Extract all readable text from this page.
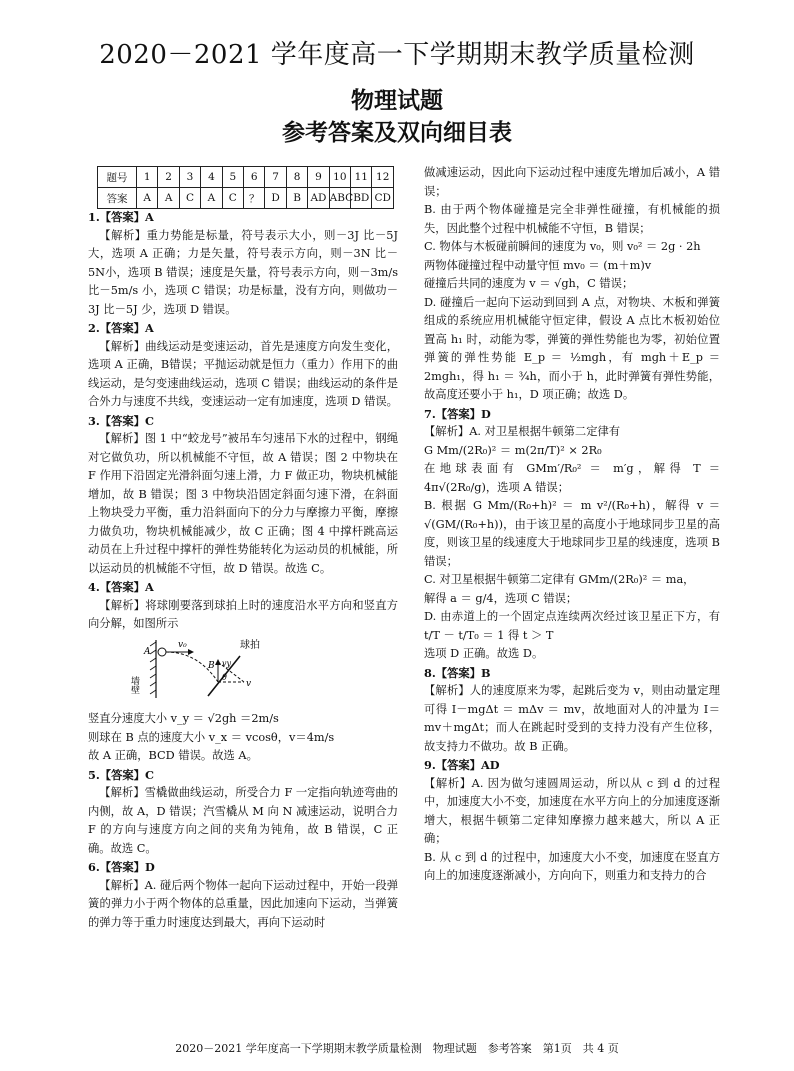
2020－2021 学年度高一下学期期末教学质量检测
物理试题
参考答案及双向细目表
题号	1	2	3	4	5	6	7	8	9	10	11	12
答案	A	A	C	A	C	？	D	B	AD	ABC	BD	CD

1.【答案】A

【解析】重力势能是标量，符号表示大小，则－3J 比－5J 大，选项 A 正确；力是矢量，符号表示方向，则－3N 比－5N小，选项 B 错误；速度是矢量，符号表示方向，则－3m/s比－5m/s 小，选项 C 错误；功是标量，没有方向，则做功－3J 比－5J 少，选项 D 错误。

2.【答案】A

【解析】曲线运动是变速运动，首先是速度方向发生变化，选项 A 正确，B错误；平抛运动就是恒力（重力）作用下的曲线运动，是匀变速曲线运动，选项 C 错误；曲线运动的条件是合外力与速度不共线，变速运动一定有加速度，选项 D 错误。

3.【答案】C

【解析】图 1 中“蛟龙号”被吊车匀速吊下水的过程中，钢绳对它做负功，所以机械能不守恒，故 A 错误；图 2 中物块在 F 作用下沿固定光滑斜面匀速上滑，力 F 做正功，物块机械能增加，故 B 错误；图 3 中物块沿固定斜面匀速下滑，在斜面上物块受力平衡，重力沿斜面向下的分力与摩擦力平衡，摩擦力做负功，物块机械能减少，故 C 正确；图 4 中撑杆跳高运动员在上升过程中撑杆的弹性势能转化为运动员的机械能，所以运动员的机械能不守恒，故 D 错误。故选 C。

4.【答案】A

【解析】将球刚要落到球拍上时的速度沿水平方向和竖直方向分解，如图所示

墙壁
A
v₀	球拍
B vy
v
θ

竖直分速度大小 v_y ＝ √2gh ＝2m/s

则球在 B 点的速度大小 v_x ＝ vcosθ，v＝4m/s

故 A 正确，BCD 错误。故选 A。

5.【答案】C

【解析】雪橇做曲线运动，所受合力 F 一定指向轨迹弯曲的内侧，故 A，D 错误；汽雪橇从 M 向 N 减速运动，说明合力 F 的方向与速度方向之间的夹角为钝角，故 B 错误，C 正确。故选 C。

6.【答案】D

【解析】A. 碰后两个物体一起向下运动过程中，开始一段弹簧的弹力小于两个物体的总重量，因此加速向下运动，当弹簧的弹力等于重力时速度达到最大，再向下运动时

做减速运动，因此向下运动过程中速度先增加后减小，A 错误；

B. 由于两个物体碰撞是完全非弹性碰撞，有机械能的损失，因此整个过程中机械能不守恒，B 错误；

C. 物体与木板碰前瞬间的速度为 v₀，则 v₀² ＝ 2g · 2h

两物体碰撞过程中动量守恒 mv₀ ＝ (m＋m)v

碰撞后共同的速度为 v ＝ √gh，C 错误；

D. 碰撞后一起向下运动到回到 A 点，对物块、木板和弹簧组成的系统应用机械能守恒定律，假设 A 点比木板初始位置高 h₁ 时，动能为零，弹簧的弹性势能也为零，初始位置弹簧的弹性势能 E_p ＝ ½mgh，有 mgh＋E_p ＝ 2mgh₁，得 h₁ ＝ ¾h，而小于 h，此时弹簧有弹性势能，故高度还要小于 h₁，D 项正确；故选 D。

7.【答案】D

【解析】A. 对卫星根据牛顿第二定律有

G Mm/(2R₀)² ＝ m(2π/T)² × 2R₀

在地球表面有 GMm′/R₀² ＝ m′g，解得 T ＝ 4π√(2R₀/g)，选项 A 错误；

B. 根据 G Mm/(R₀+h)² ＝ m v²/(R₀+h)，解得 v ＝ √(GM/(R₀+h))，由于该卫星的高度小于地球同步卫星的高度，则该卫星的线速度大于地球同步卫星的线速度，选项 B 错误；

C. 对卫星根据牛顿第二定律有 GMm/(2R₀)² ＝ ma，

解得 a ＝ g/4，选项 C 错误；

D. 由赤道上的一个固定点连续两次经过该卫星正下方，有 t/T － t/T₀ ＝ 1 得 t ＞ T

选项 D 正确。故选 D。

8.【答案】B

【解析】人的速度原来为零，起跳后变为 v，则由动量定理可得 I－mgΔt ＝ mΔv ＝ mv，故地面对人的冲量为 I＝mv＋mgΔt；而人在跳起时受到的支持力没有产生位移，故支持力不做功。故 B 正确。

9.【答案】AD

【解析】A. 因为做匀速圆周运动，所以从 c 到 d 的过程中，加速度大小不变，加速度在水平方向上的分加速度逐渐增大，根据牛顿第二定律知摩擦力越来越大，所以 A 正确；

B. 从 c 到 d 的过程中，加速度大小不变，加速度在竖直方向上的加速度逐渐减小，方向向下，则重力和支持力的合

2020－2021 学年度高一下学期期末教学质量检测　物理试题　参考答案　第1页　共 4 页
